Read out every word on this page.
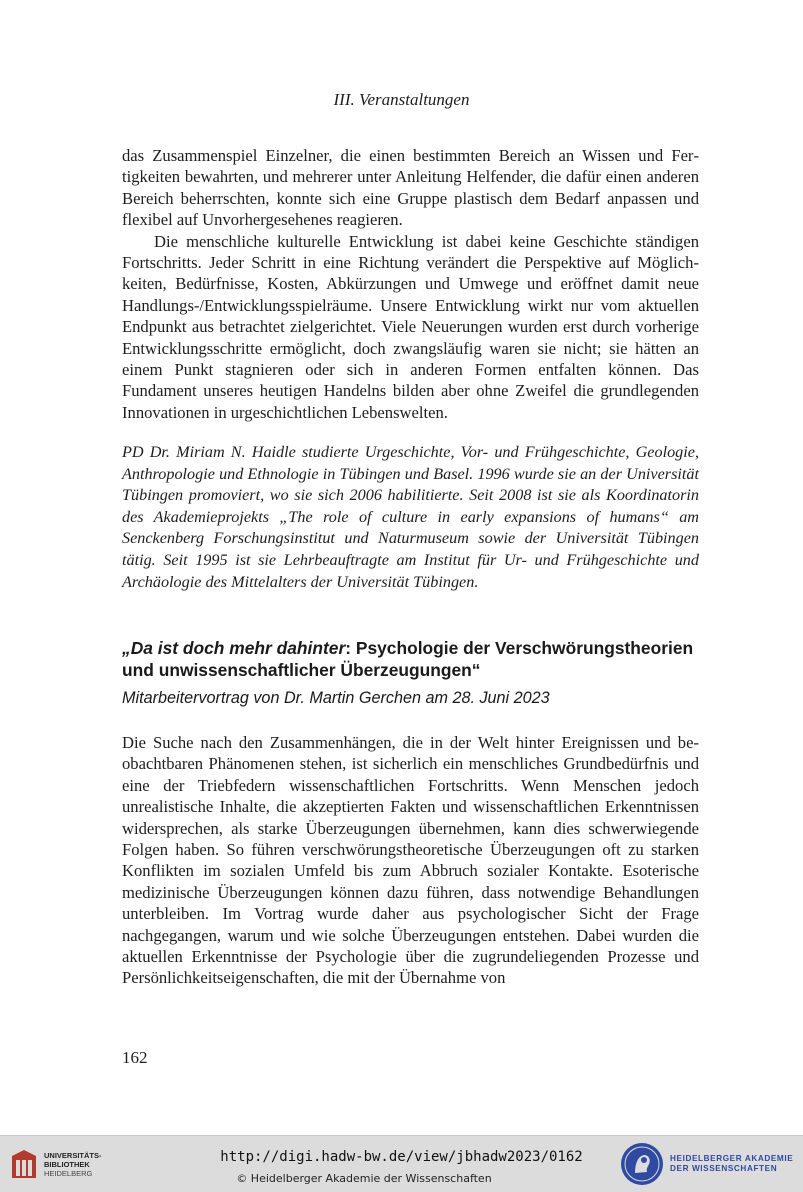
III. Veranstaltungen

das Zusammenspiel Einzelner, die einen bestimmten Bereich an Wissen und Fertigkeiten bewahrten, und mehrerer unter Anleitung Helfender, die dafür einen anderen Bereich beherrschten, konnte sich eine Gruppe plastisch dem Bedarf anpassen und flexibel auf Unvorhergesehenes reagieren.

Die menschliche kulturelle Entwicklung ist dabei keine Geschichte ständigen Fortschritts. Jeder Schritt in eine Richtung verändert die Perspektive auf Möglichkeiten, Bedürfnisse, Kosten, Abkürzungen und Umwege und eröffnet damit neue Handlungs-/Entwicklungsspielräume. Unsere Entwicklung wirkt nur vom aktuellen Endpunkt aus betrachtet zielgerichtet. Viele Neuerungen wurden erst durch vorherige Entwicklungsschritte ermöglicht, doch zwangsläufig waren sie nicht; sie hätten an einem Punkt stagnieren oder sich in anderen Formen entfalten können. Das Fundament unseres heutigen Handelns bilden aber ohne Zweifel die grundlegenden Innovationen in urgeschichtlichen Lebenswelten.

PD Dr. Miriam N. Haidle studierte Urgeschichte, Vor- und Frühgeschichte, Geologie, Anthropologie und Ethnologie in Tübingen und Basel. 1996 wurde sie an der Universität Tübingen promoviert, wo sie sich 2006 habilitierte. Seit 2008 ist sie als Koordinatorin des Akademieprojekts „The role of culture in early expansions of humans“ am Senckenberg Forschungsinstitut und Naturmuseum sowie der Universität Tübingen tätig. Seit 1995 ist sie Lehrbeauftragte am Institut für Ur- und Frühgeschichte und Archäologie des Mittelalters der Universität Tübingen.

„Da ist doch mehr dahinter: Psychologie der Verschwörungstheorien und unwissenschaftlicher Überzeugungen“

Mitarbeitervortrag von Dr. Martin Gerchen am 28. Juni 2023

Die Suche nach den Zusammenhängen, die in der Welt hinter Ereignissen und beobachtbaren Phänomenen stehen, ist sicherlich ein menschliches Grundbedürfnis und eine der Triebfedern wissenschaftlichen Fortschritts. Wenn Menschen jedoch unrealistische Inhalte, die akzeptierten Fakten und wissenschaftlichen Erkenntnissen widersprechen, als starke Überzeugungen übernehmen, kann dies schwerwiegende Folgen haben. So führen verschwörungstheoretische Überzeugungen oft zu starken Konflikten im sozialen Umfeld bis zum Abbruch sozialer Kontakte. Esoterische medizinische Überzeugungen können dazu führen, dass notwendige Behandlungen unterbleiben. Im Vortrag wurde daher aus psychologischer Sicht der Frage nachgegangen, warum und wie solche Überzeugungen entstehen. Dabei wurden die aktuellen Erkenntnisse der Psychologie über die zugrundeliegenden Prozesse und Persönlichkeitseigenschaften, die mit der Übernahme von

162
UNIVERSITÄTS-
BIBLIOTHEK
HEIDELBERG
http://digi.hadw-bw.de/view/jbhadw2023/0162
© Heidelberger Akademie der Wissenschaften
HEIDELBERGER AKADEMIE
DER WISSENSCHAFTEN
